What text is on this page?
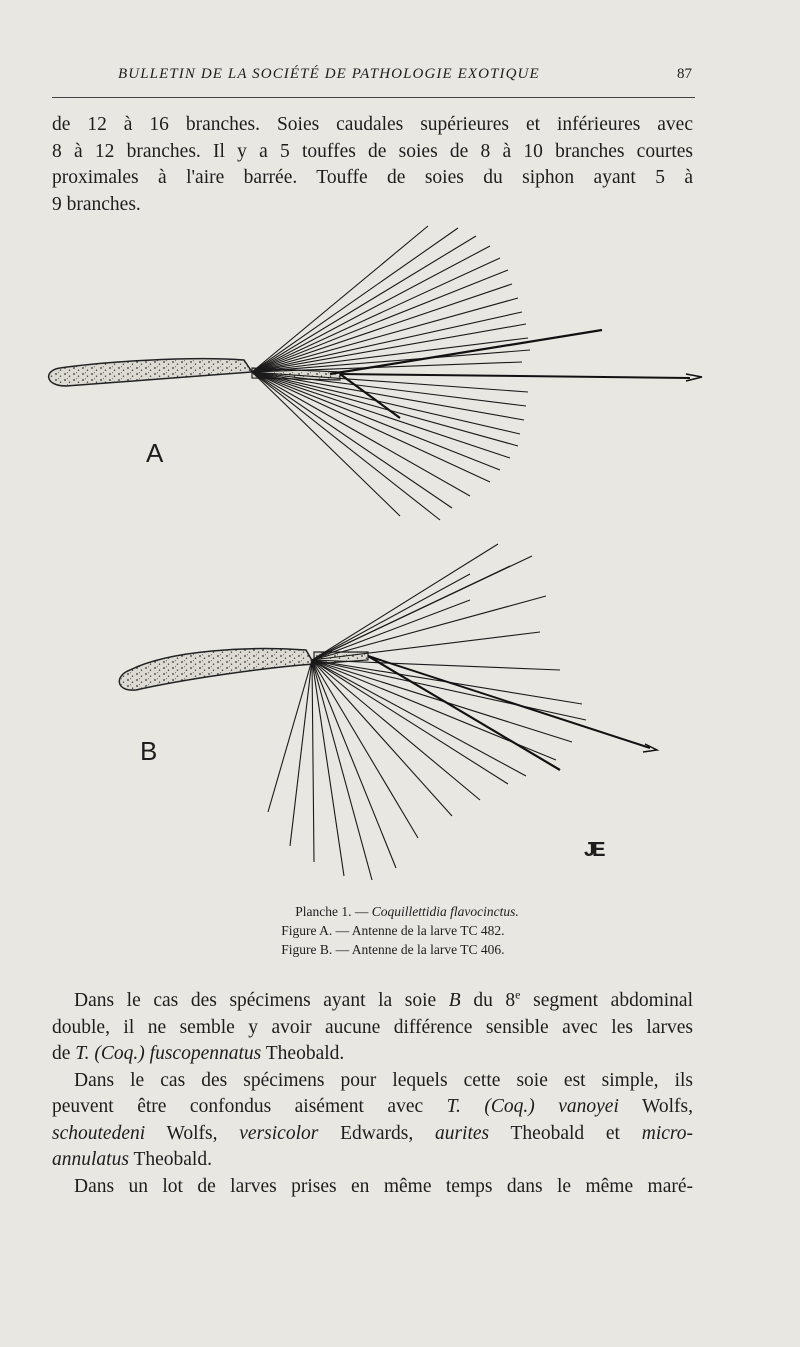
BULLETIN DE LA SOCIÉTÉ DE PATHOLOGIE EXOTIQUE	87
de 12 à 16 branches. Soies caudales supérieures et inférieures avec
8 à 12 branches. Il y a 5 touffes de soies de 8 à 10 branches courtes
proximales à l'aire barrée. Touffe de soies du siphon ayant 5 à
9 branches.
A
B
JE
Planche 1. — Coquillettidia flavocinctus.
Figure A. — Antenne de la larve TC 482.
Figure B. — Antenne de la larve TC 406.
Dans le cas des spécimens ayant la soie B du 8e segment abdominal
double, il ne semble y avoir aucune différence sensible avec les larves
de T. (Coq.) fuscopennatus Theobald.
Dans le cas des spécimens pour lequels cette soie est simple, ils
peuvent être confondus aisément avec T. (Coq.) vanoyei Wolfs,
schoutedeni Wolfs, versicolor Edwards, aurites Theobald et micro-
annulatus Theobald.
Dans un lot de larves prises en même temps dans le même maré-
